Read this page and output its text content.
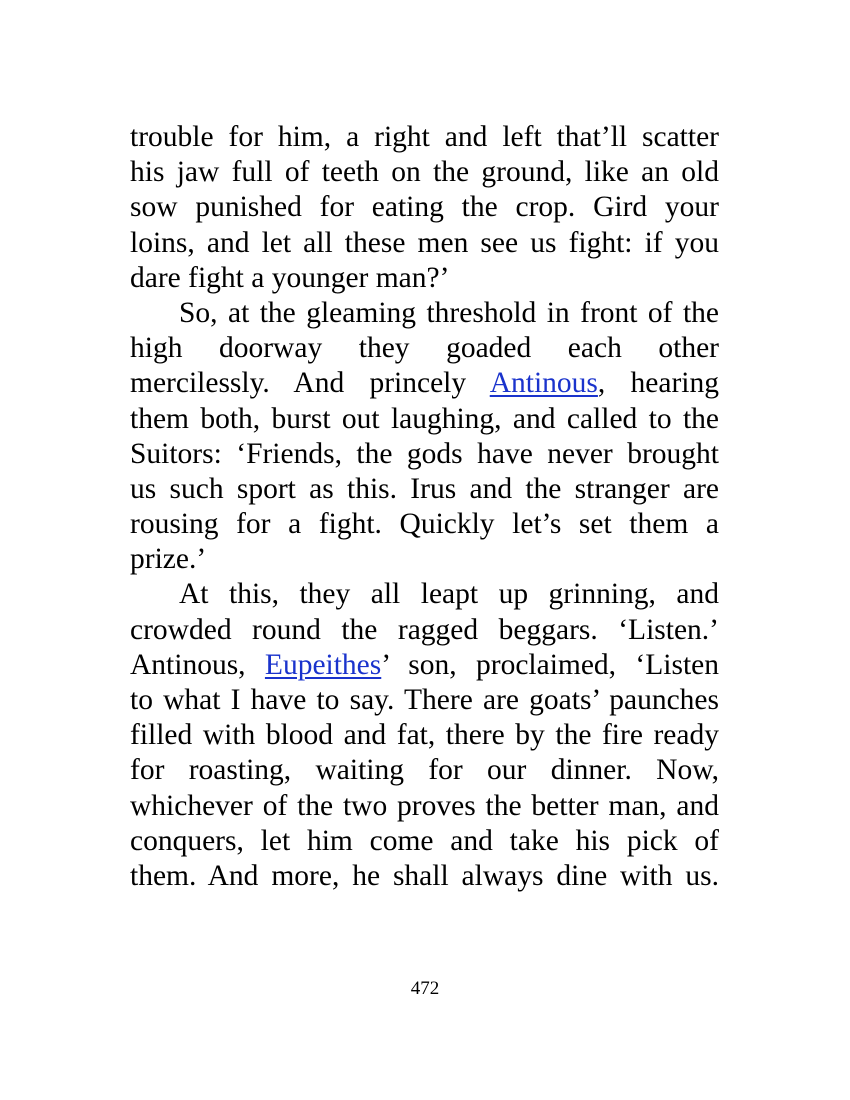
trouble for him, a right and left that’ll scatter
his jaw full of teeth on the ground, like an old
sow punished for eating the crop. Gird your
loins, and let all these men see us fight: if you
dare fight a younger man?’
So, at the gleaming threshold in front of the
high doorway they goaded each other
mercilessly. And princely Antinous, hearing
them both, burst out laughing, and called to the
Suitors: ‘Friends, the gods have never brought
us such sport as this. Irus and the stranger are
rousing for a fight. Quickly let’s set them a
prize.’
At this, they all leapt up grinning, and
crowded round the ragged beggars. ‘Listen.’
Antinous, Eupeithes’ son, proclaimed, ‘Listen
to what I have to say. There are goats’ paunches
filled with blood and fat, there by the fire ready
for roasting, waiting for our dinner. Now,
whichever of the two proves the better man, and
conquers, let him come and take his pick of
them. And more, he shall always dine with us.
472
